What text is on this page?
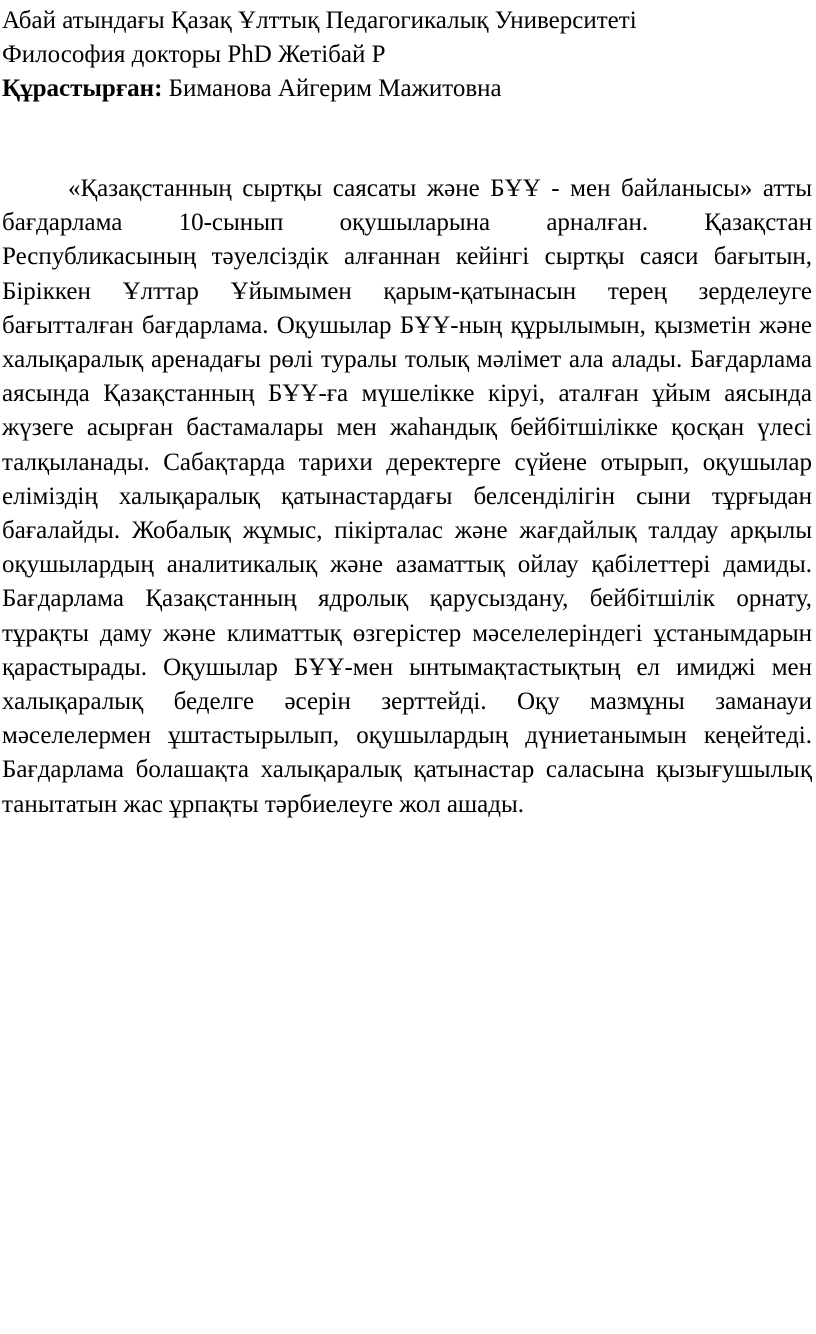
Абай атындағы Қазақ Ұлттық Педагогикалық Университеті
Философия докторы PhD Жетібай Р
Құрастырған: Биманова Айгерим Мажитовна

«Қазақстанның сыртқы саясаты және БҰҰ - мен байланысы» атты бағдарлама 10-сынып оқушыларына арналған. Қазақстан Республикасының тәуелсіздік алғаннан кейінгі сыртқы саяси бағытын, Біріккен Ұлттар Ұйымымен қарым-қатынасын терең зерделеуге бағытталған бағдарлама. Оқушылар БҰҰ-ның құрылымын, қызметін және халықаралық аренадағы рөлі туралы толық мәлімет ала алады. Бағдарлама аясында Қазақстанның БҰҰ-ға мүшелікке кіруі, аталған ұйым аясында жүзеге асырған бастамалары мен жаһандық бейбітшілікке қосқан үлесі талқыланады. Сабақтарда тарихи деректерге сүйене отырып, оқушылар еліміздің халықаралық қатынастардағы белсенділігін сыни тұрғыдан бағалайды. Жобалық жұмыс, пікірталас және жағдайлық талдау арқылы оқушылардың аналитикалық және азаматтық ойлау қабілеттері дамиды. Бағдарлама Қазақстанның ядролық қарусыздану, бейбітшілік орнату, тұрақты даму және климаттық өзгерістер мәселелеріндегі ұстанымдарын қарастырады. Оқушылар БҰҰ-мен ынтымақтастықтың ел имиджі мен халықаралық беделге әсерін зерттейді. Оқу мазмұны заманауи мәселелермен ұштастырылып, оқушылардың дүниетанымын кеңейтеді. Бағдарлама болашақта халықаралық қатынастар саласына қызығушылық танытатын жас ұрпақты тәрбиелеуге жол ашады.
